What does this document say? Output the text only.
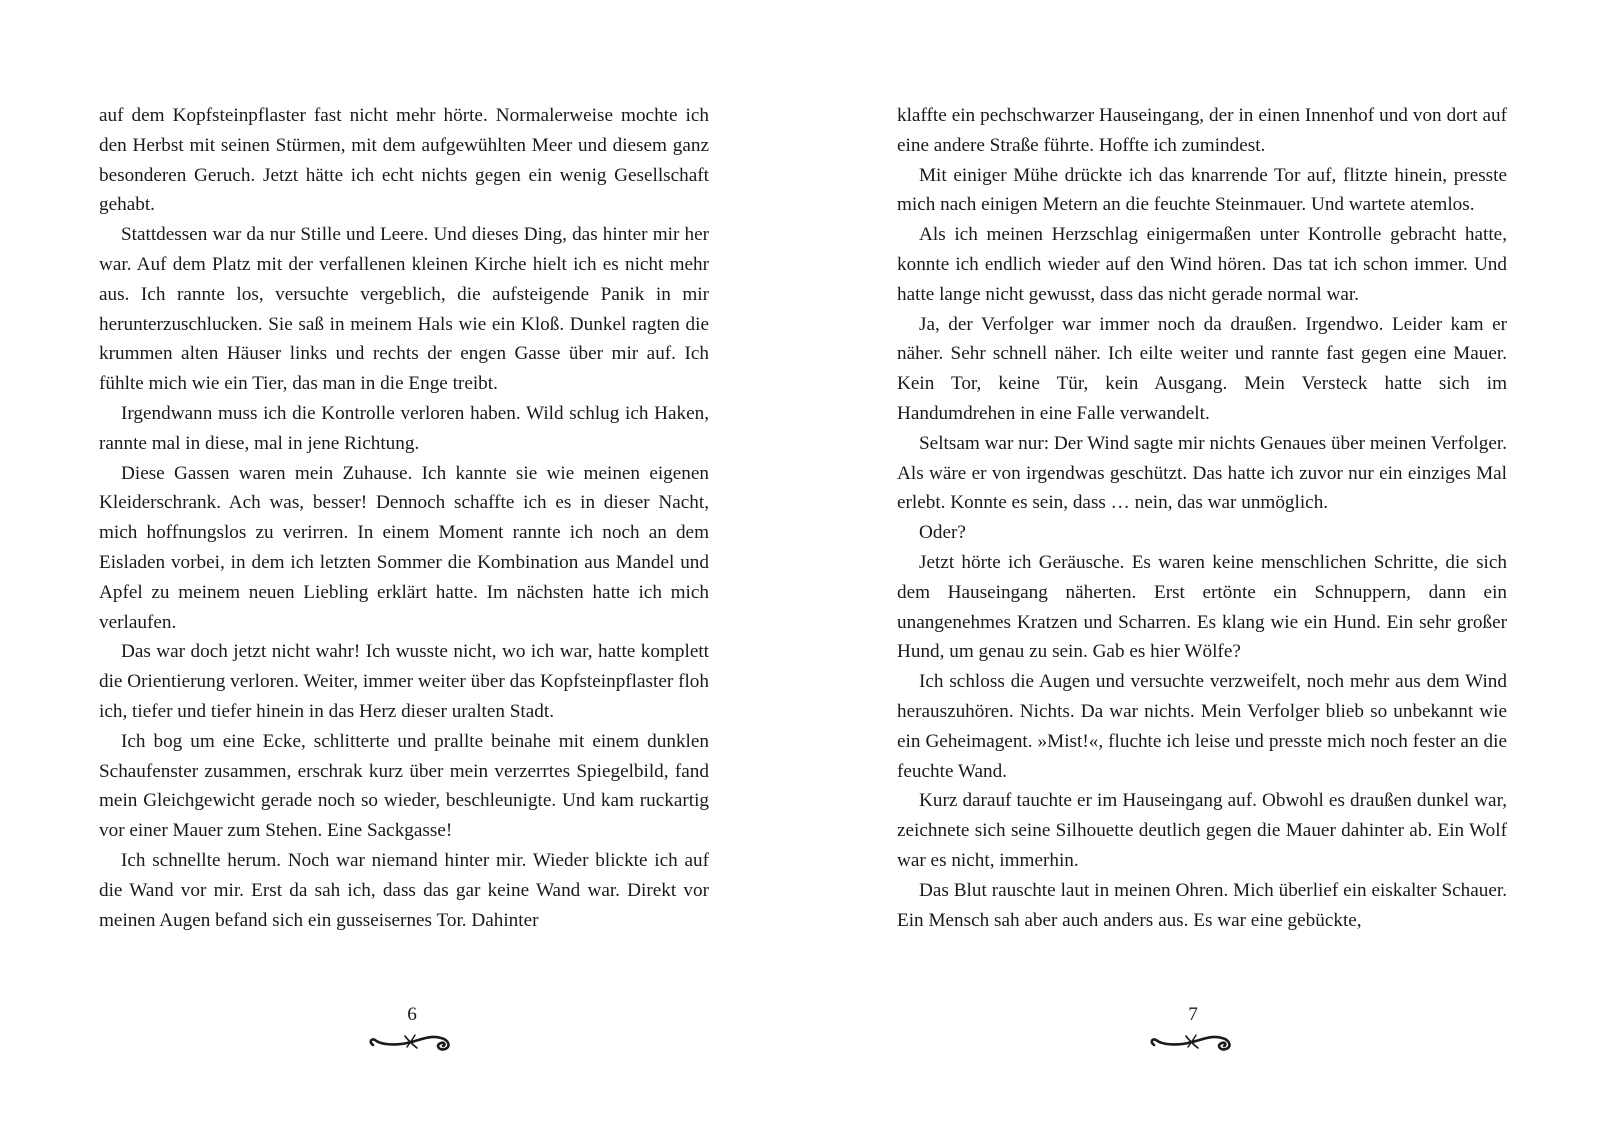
auf dem Kopfsteinpflaster fast nicht mehr hörte. Normalerweise mochte ich den Herbst mit seinen Stürmen, mit dem aufgewühlten Meer und diesem ganz besonderen Geruch. Jetzt hätte ich echt nichts gegen ein wenig Gesellschaft gehabt.

Stattdessen war da nur Stille und Leere. Und dieses Ding, das hinter mir her war. Auf dem Platz mit der verfallenen kleinen Kirche hielt ich es nicht mehr aus. Ich rannte los, versuchte vergeblich, die aufsteigende Panik in mir herunterzuschlucken. Sie saß in meinem Hals wie ein Kloß. Dunkel ragten die krummen alten Häuser links und rechts der engen Gasse über mir auf. Ich fühlte mich wie ein Tier, das man in die Enge treibt.

Irgendwann muss ich die Kontrolle verloren haben. Wild schlug ich Haken, rannte mal in diese, mal in jene Richtung.

Diese Gassen waren mein Zuhause. Ich kannte sie wie meinen eigenen Kleiderschrank. Ach was, besser! Dennoch schaffte ich es in dieser Nacht, mich hoffnungslos zu verirren. In einem Moment rannte ich noch an dem Eisladen vorbei, in dem ich letzten Sommer die Kombination aus Mandel und Apfel zu meinem neuen Liebling erklärt hatte. Im nächsten hatte ich mich verlaufen.

Das war doch jetzt nicht wahr! Ich wusste nicht, wo ich war, hatte komplett die Orientierung verloren. Weiter, immer weiter über das Kopfsteinpflaster floh ich, tiefer und tiefer hinein in das Herz dieser uralten Stadt.

Ich bog um eine Ecke, schlitterte und prallte beinahe mit einem dunklen Schaufenster zusammen, erschrak kurz über mein verzerrtes Spiegelbild, fand mein Gleichgewicht gerade noch so wieder, beschleunigte. Und kam ruckartig vor einer Mauer zum Stehen. Eine Sackgasse!

Ich schnellte herum. Noch war niemand hinter mir. Wieder blickte ich auf die Wand vor mir. Erst da sah ich, dass das gar keine Wand war. Direkt vor meinen Augen befand sich ein gusseisernes Tor. Dahinter

6

klaffte ein pechschwarzer Hauseingang, der in einen Innenhof und von dort auf eine andere Straße führte. Hoffte ich zumindest.

Mit einiger Mühe drückte ich das knarrende Tor auf, flitzte hinein, presste mich nach einigen Metern an die feuchte Steinmauer. Und wartete atemlos.

Als ich meinen Herzschlag einigermaßen unter Kontrolle gebracht hatte, konnte ich endlich wieder auf den Wind hören. Das tat ich schon immer. Und hatte lange nicht gewusst, dass das nicht gerade normal war.

Ja, der Verfolger war immer noch da draußen. Irgendwo. Leider kam er näher. Sehr schnell näher. Ich eilte weiter und rannte fast gegen eine Mauer. Kein Tor, keine Tür, kein Ausgang. Mein Versteck hatte sich im Handumdrehen in eine Falle verwandelt.

Seltsam war nur: Der Wind sagte mir nichts Genaues über meinen Verfolger. Als wäre er von irgendwas geschützt. Das hatte ich zuvor nur ein einziges Mal erlebt. Konnte es sein, dass … nein, das war unmöglich.

Oder?

Jetzt hörte ich Geräusche. Es waren keine menschlichen Schritte, die sich dem Hauseingang näherten. Erst ertönte ein Schnuppern, dann ein unangenehmes Kratzen und Scharren. Es klang wie ein Hund. Ein sehr großer Hund, um genau zu sein. Gab es hier Wölfe?

Ich schloss die Augen und versuchte verzweifelt, noch mehr aus dem Wind herauszuhören. Nichts. Da war nichts. Mein Verfolger blieb so unbekannt wie ein Geheimagent. »Mist!«, fluchte ich leise und presste mich noch fester an die feuchte Wand.

Kurz darauf tauchte er im Hauseingang auf. Obwohl es draußen dunkel war, zeichnete sich seine Silhouette deutlich gegen die Mauer dahinter ab. Ein Wolf war es nicht, immerhin.

Das Blut rauschte laut in meinen Ohren. Mich überlief ein eiskalter Schauer. Ein Mensch sah aber auch anders aus. Es war eine gebückte,

7
